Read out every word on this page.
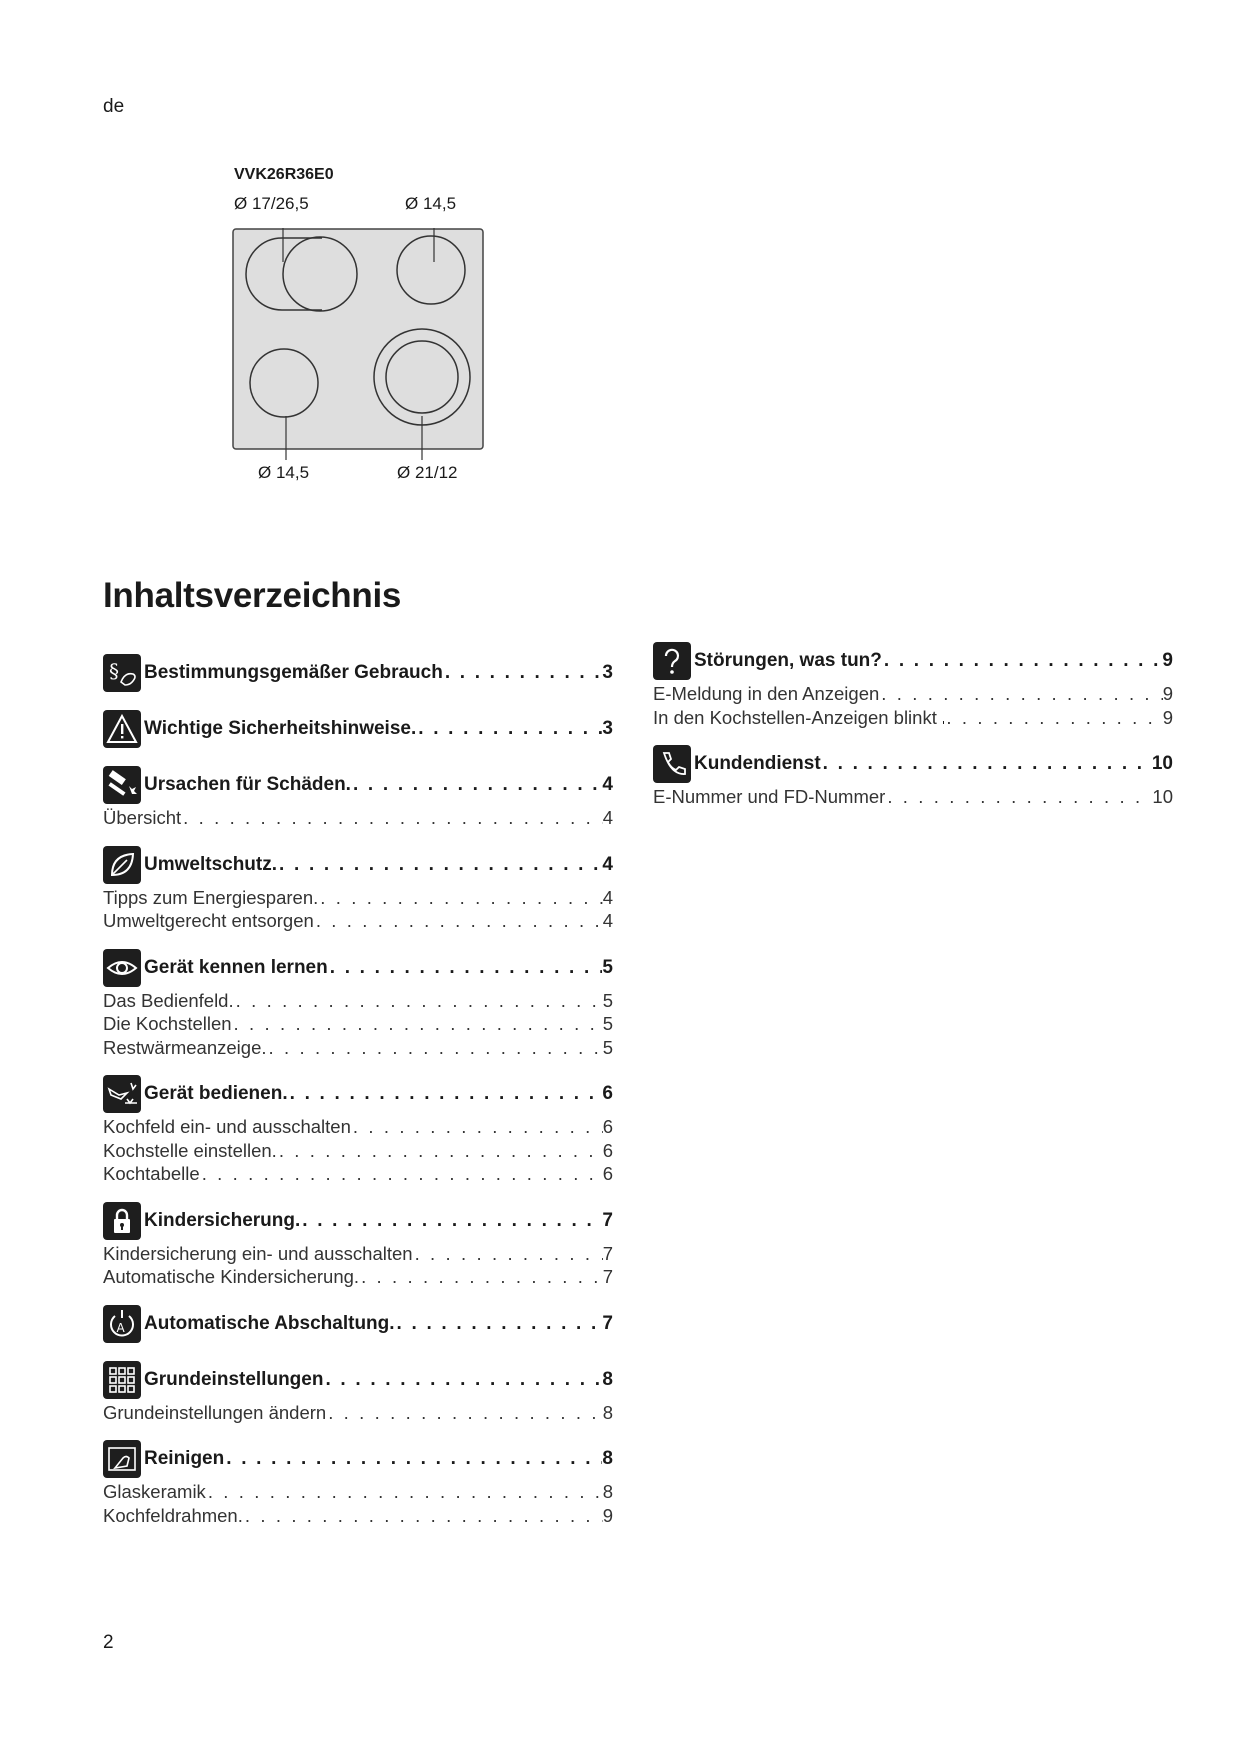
de
VVK26R36E0
Ø 17/26,5	Ø 14,5
Ø 14,5	Ø 21/12
Inhaltsverzeichnis
§ Bestimmungsgemäßer Gebrauch . . .	3
Wichtige Sicherheitshinweise. . . .	3
Ursachen für Schäden. . . .	4
Übersicht . . .	4
Umweltschutz. . . .	4
Tipps zum Energiesparen. . . .	4
Umweltgerecht entsorgen . . .	4
Gerät kennen lernen . . .	5
Das Bedienfeld. . . .	5
Die Kochstellen . . .	5
Restwärmeanzeige. . . .	5
Gerät bedienen. . . .	6
Kochfeld ein- und ausschalten . . .	6
Kochstelle einstellen. . . .	6
Kochtabelle . . .	6
Kindersicherung. . . .	7
Kindersicherung ein- und ausschalten . . .	7
Automatische Kindersicherung. . . .	7
A Automatische Abschaltung. . . .	7
Grundeinstellungen . . .	8
Grundeinstellungen ändern . . .	8
Reinigen . . .	8
Glaskeramik . . .	8
Kochfeldrahmen. . . .	9
Störungen, was tun? . . .	9
E-Meldung in den Anzeigen . . .	9
In den Kochstellen-Anzeigen blinkt . . .	9
Kundendienst . . .	10
E-Nummer und FD-Nummer . . .	10
2
